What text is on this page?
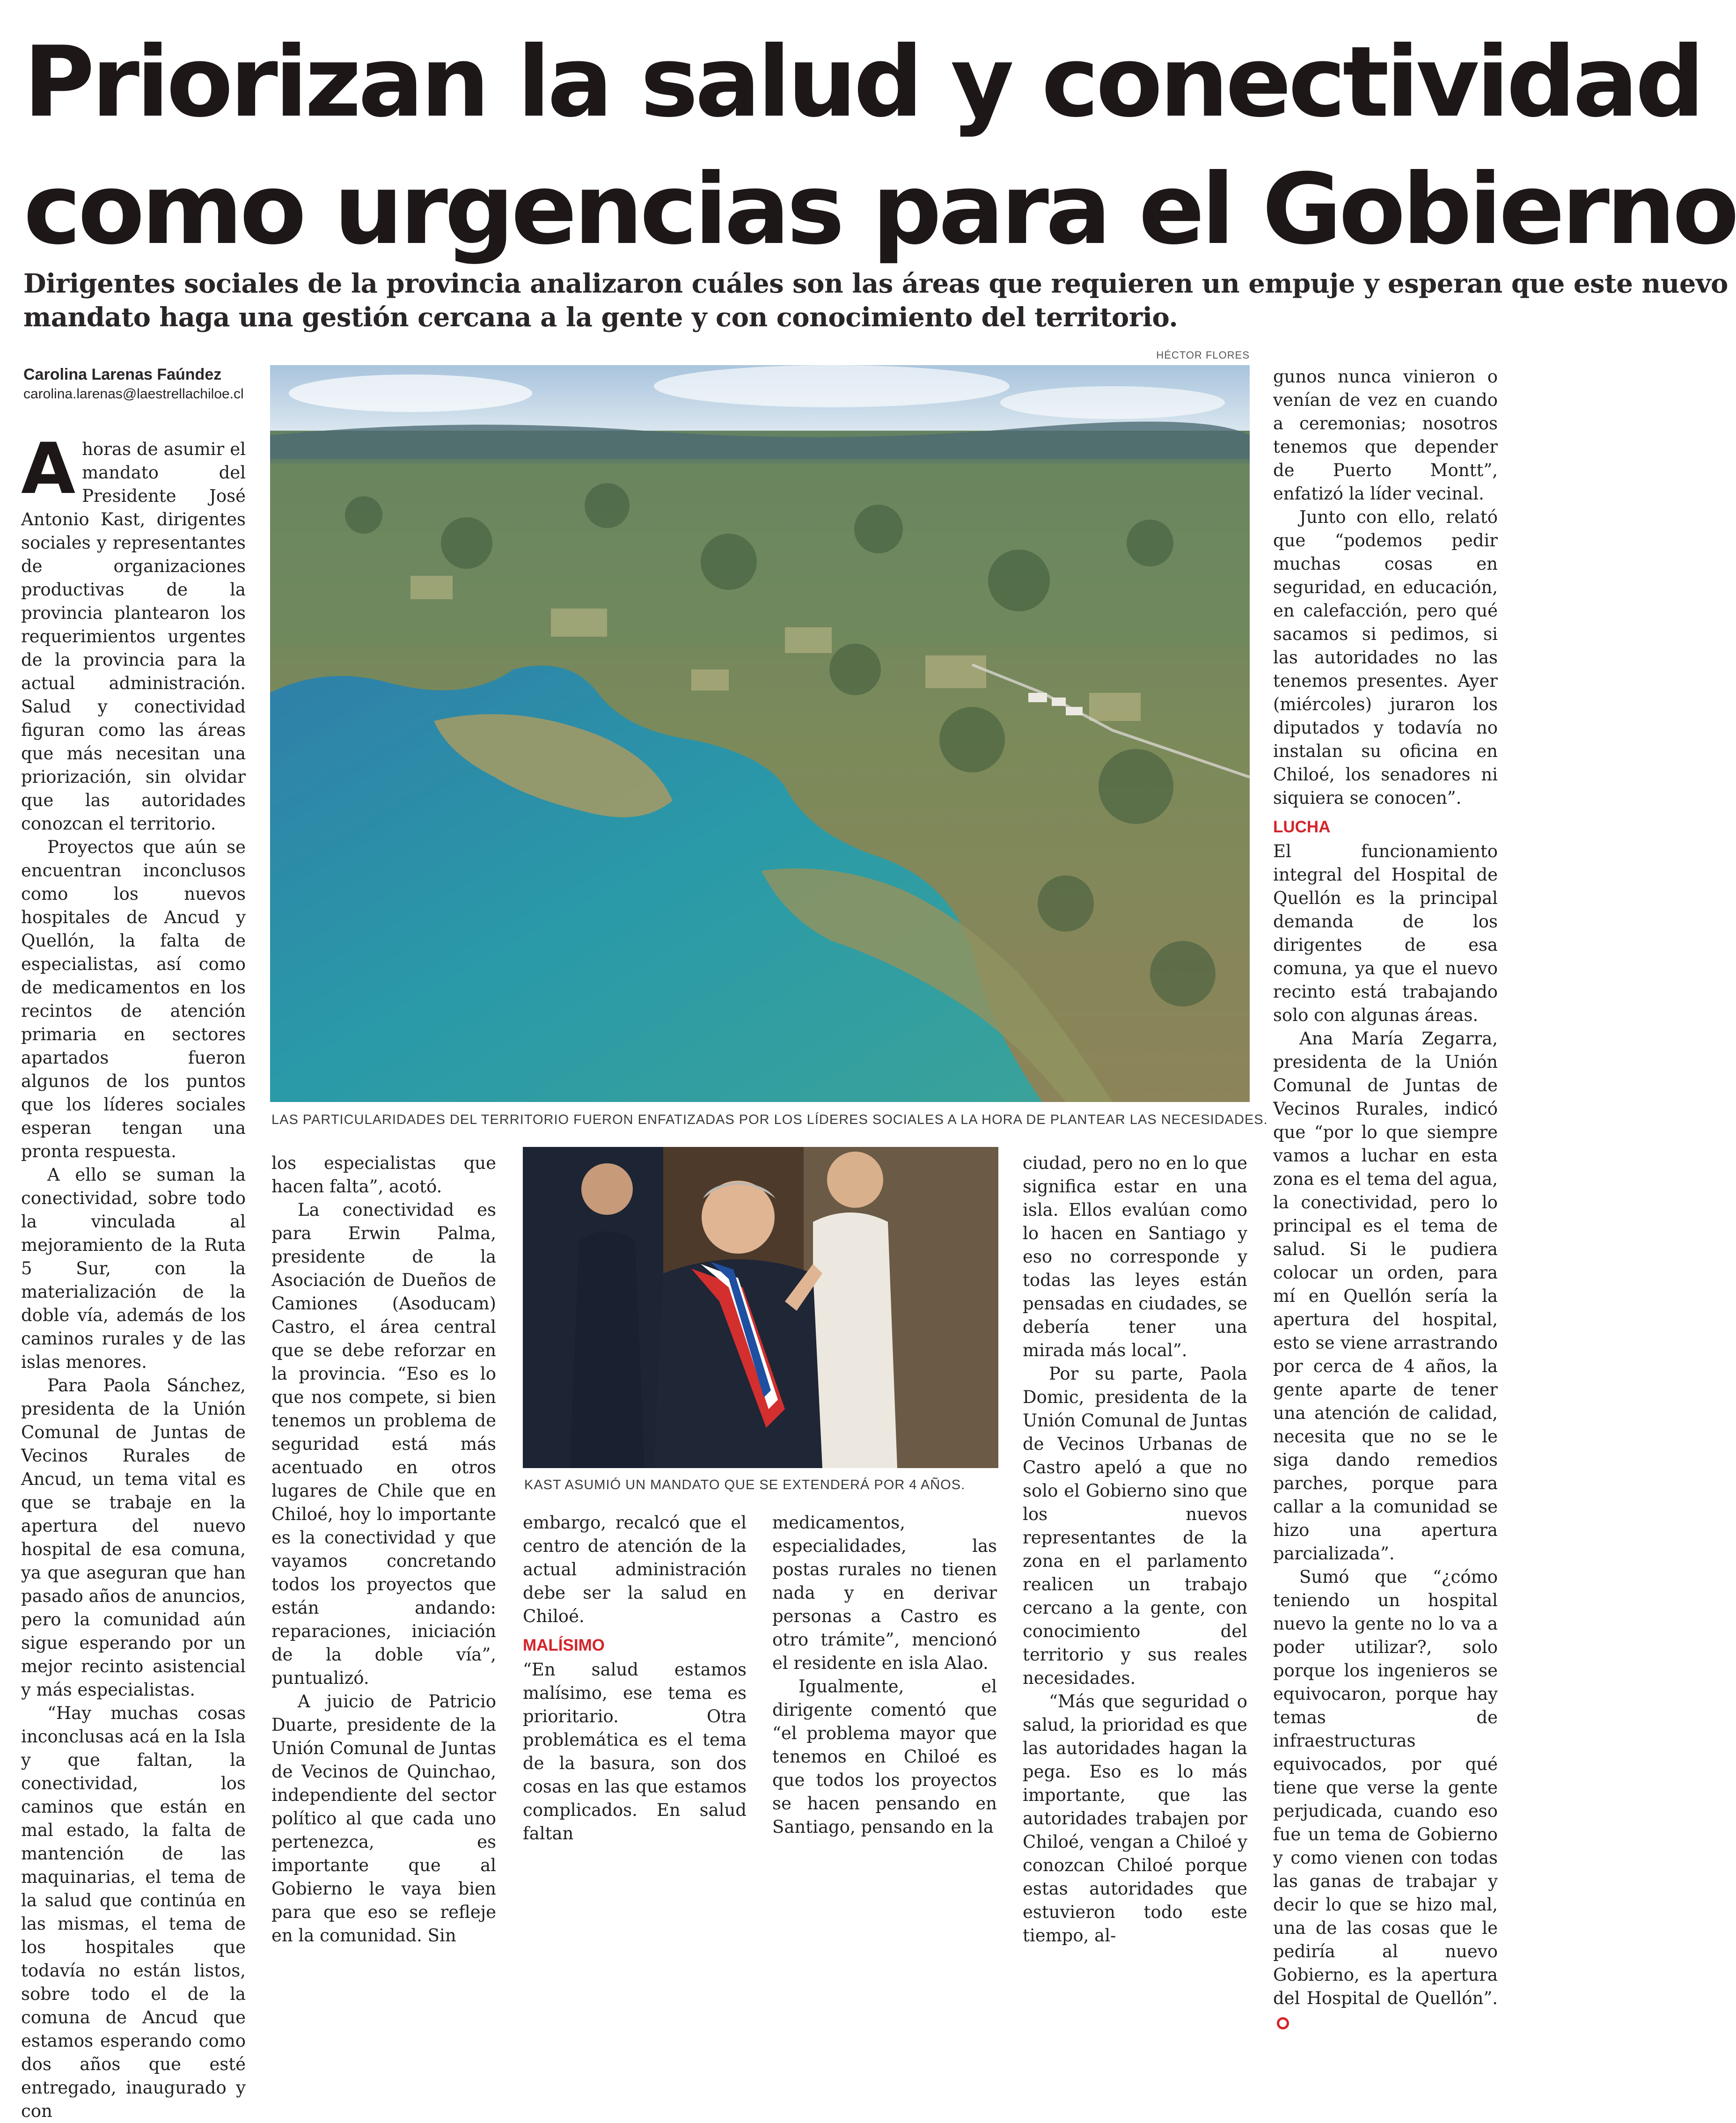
Priorizan la salud y conectividad
como urgencias para el Gobierno
Dirigentes sociales de la provincia analizaron cuáles son las áreas que requieren un empuje y esperan que este nuevo
mandato haga una gestión cercana a la gente y con conocimiento del territorio.
Carolina Larenas Faúndez
carolina.larenas@laestrellachiloe.cl
HÉCTOR FLORES
LAS PARTICULARIDADES DEL TERRITORIO FUERON ENFATIZADAS POR LOS LÍDERES SOCIALES A LA HORA DE PLANTEAR LAS NECESIDADES.
KAST ASUMIÓ UN MANDATO QUE SE EXTENDERÁ POR 4 AÑOS.

Ahoras de asumir el mandato del Presidente José Antonio Kast, dirigentes sociales y representantes de organizaciones productivas de la provincia plantearon los requerimientos urgentes de la provincia para la actual administración. Salud y conectividad figuran como las áreas que más necesitan una priorización, sin olvidar que las autoridades conozcan el territorio.

Proyectos que aún se encuentran inconclusos como los nuevos hospitales de Ancud y Quellón, la falta de especialistas, así como de medicamentos en los recintos de atención primaria en sectores apartados fueron algunos de los puntos que los líderes sociales esperan tengan una pronta respuesta.

A ello se suman la conectividad, sobre todo la vinculada al mejoramiento de la Ruta 5 Sur, con la materialización de la doble vía, además de los caminos rurales y de las islas menores.

Para Paola Sánchez, presidenta de la Unión Comunal de Juntas de Vecinos Rurales de Ancud, un tema vital es que se trabaje en la apertura del nuevo hospital de esa comuna, ya que aseguran que han pasado años de anuncios, pero la comunidad aún sigue esperando por un mejor recinto asistencial y más especialistas.

“Hay muchas cosas inconclusas acá en la Isla y que faltan, la conectividad, los caminos que están en mal estado, la falta de mantención de las maquinarias, el tema de la salud que continúa en las mismas, el tema de los hospitales que todavía no están listos, sobre todo el de la comuna de Ancud que estamos esperando como dos años que esté entregado, inaugurado y con

los especialistas que hacen falta”, acotó.

La conectividad es para Erwin Palma, presidente de la Asociación de Dueños de Camiones (Asoducam) Castro, el área central que se debe reforzar en la provincia. “Eso es lo que nos compete, si bien tenemos un problema de seguridad está más acentuado en otros lugares de Chile que en Chiloé, hoy lo importante es la conectividad y que vayamos concretando todos los proyectos que están andando: reparaciones, iniciación de la doble vía”, puntualizó.

A juicio de Patricio Duarte, presidente de la Unión Comunal de Juntas de Vecinos de Quinchao, independiente del sector político al que cada uno pertenezca, es importante que al Gobierno le vaya bien para que eso se refleje en la comunidad. Sin

embargo, recalcó que el centro de atención de la actual administración debe ser la salud en Chiloé.

MALÍSIMO

“En salud estamos malísimo, ese tema es prioritario. Otra problemática es el tema de la basura, son dos cosas en las que estamos complicados. En salud faltan

medicamentos, especialidades, las postas rurales no tienen nada y en derivar personas a Castro es otro trámite”, mencionó el residente en isla Alao.

Igualmente, el dirigente comentó que “el problema mayor que tenemos en Chiloé es que todos los proyectos se hacen pensando en Santiago, pensando en la

ciudad, pero no en lo que significa estar en una isla. Ellos evalúan como lo hacen en Santiago y eso no corresponde y todas las leyes están pensadas en ciudades, se debería tener una mirada más local”.

Por su parte, Paola Domic, presidenta de la Unión Comunal de Juntas de Vecinos Urbanas de Castro apeló a que no solo el Gobierno sino que los nuevos representantes de la zona en el parlamento realicen un trabajo cercano a la gente, con conocimiento del territorio y sus reales necesidades.

“Más que seguridad o salud, la prioridad es que las autoridades hagan la pega. Eso es lo más importante, que las autoridades trabajen por Chiloé, vengan a Chiloé y conozcan Chiloé porque estas autoridades que estuvieron todo este tiempo, al-

gunos nunca vinieron o venían de vez en cuando a ceremonias; nosotros tenemos que depender de Puerto Montt”, enfatizó la líder vecinal.

Junto con ello, relató que “podemos pedir muchas cosas en seguridad, en educación, en calefacción, pero qué sacamos si pedimos, si las autoridades no las tenemos presentes. Ayer (miércoles) juraron los diputados y todavía no instalan su oficina en Chiloé, los senadores ni siquiera se conocen”.

LUCHA

El funcionamiento integral del Hospital de Quellón es la principal demanda de los dirigentes de esa comuna, ya que el nuevo recinto está trabajando solo con algunas áreas.

Ana María Zegarra, presidenta de la Unión Comunal de Juntas de Vecinos Rurales, indicó que “por lo que siempre vamos a luchar en esta zona es el tema del agua, la conectividad, pero lo principal es el tema de salud. Si le pudiera colocar un orden, para mí en Quellón sería la apertura del hospital, esto se viene arrastrando por cerca de 4 años, la gente aparte de tener una atención de calidad, necesita que no se le siga dando remedios parches, porque para callar a la comunidad se hizo una apertura parcializada”.

Sumó que “¿cómo teniendo un hospital nuevo la gente no lo va a poder utilizar?, solo porque los ingenieros se equivocaron, porque hay temas de infraestructuras equivocados, por qué tiene que verse la gente perjudicada, cuando eso fue un tema de Gobierno y como vienen con todas las ganas de trabajar y decir lo que se hizo mal, una de las cosas que le pediría al nuevo Gobierno, es la apertura del Hospital de Quellón”.
